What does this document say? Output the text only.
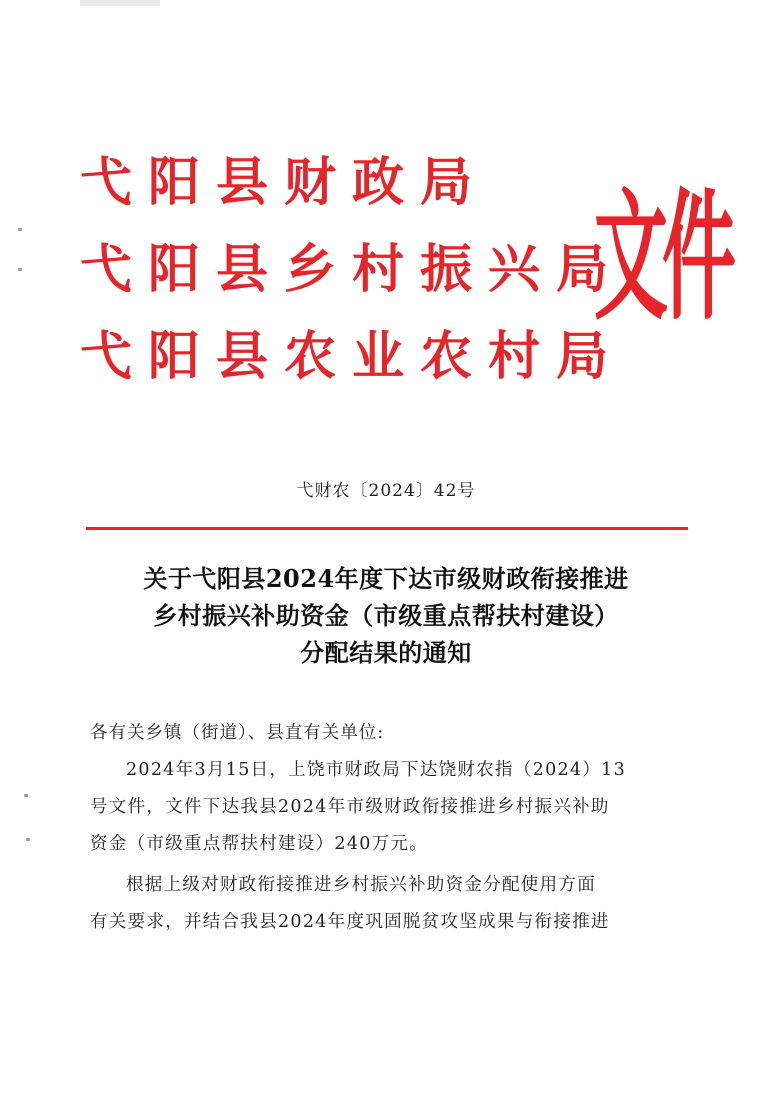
弋阳县财政局
弋阳县乡村振兴局
弋阳县农业农村局
文件
弋财农〔2024〕42号
关于弋阳县2024年度下达市级财政衔接推进
乡村振兴补助资金（市级重点帮扶村建设）
分配结果的通知
各有关乡镇（街道）、县直有关单位:
2024年3月15日，上饶市财政局下达饶财农指（2024）13
号文件，文件下达我县2024年市级财政衔接推进乡村振兴补助
资金（市级重点帮扶村建设）240万元。
根据上级对财政衔接推进乡村振兴补助资金分配使用方面
有关要求，并结合我县2024年度巩固脱贫攻坚成果与衔接推进
